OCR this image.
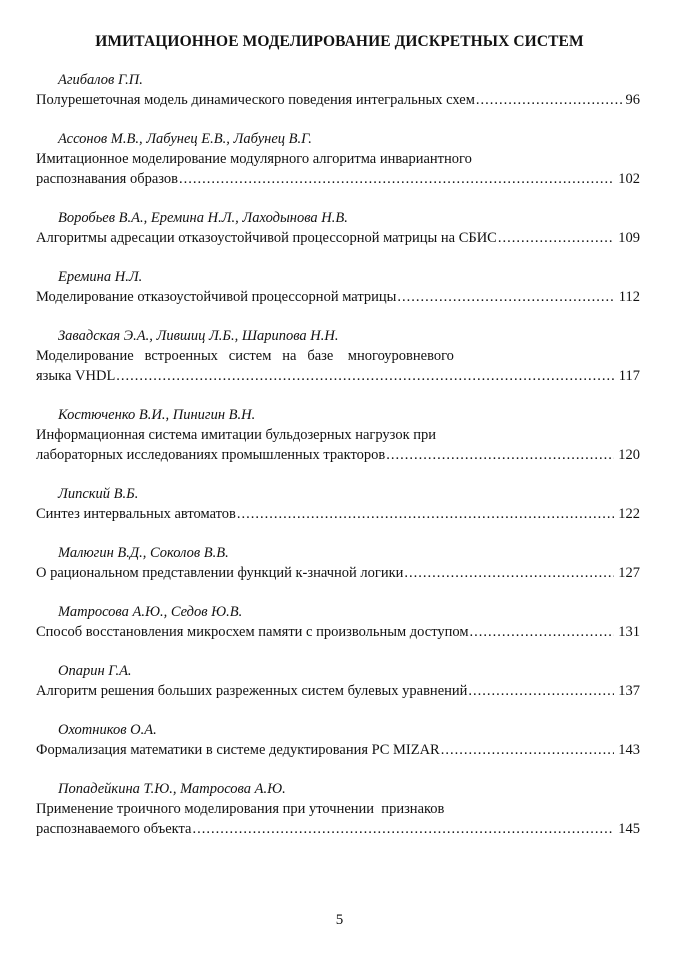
ИМИТАЦИОННОЕ МОДЕЛИРОВАНИЕ ДИСКРЕТНЫХ СИСТЕМ
Агибалов Г.П.
Полурешеточная модель динамического поведения интегральных схем .....	96
Ассонов М.В., Лабунец Е.В., Лабунец В.Г.
Имитационное моделирование модулярного алгоритма инвариантного
распознавания образов .....	102
Воробьев В.А., Еремина Н.Л., Лаходынова Н.В.
Алгоритмы адресации отказоустойчивой процессорной матрицы на СБИС .....	109
Еремина Н.Л.
Моделирование отказоустойчивой процессорной матрицы .....	112
Завадская Э.А., Лившиц Л.Б., Шарипова Н.Н.
Моделирование   встроенных   систем   на   базе    многоуровневого
языка VHDL .....	117
Костюченко В.И., Пинигин В.Н.
Информационная система имитации бульдозерных нагрузок при
лабораторных исследованиях промышленных тракторов .....	120
Липский В.Б.
Синтез интервальных автоматов .....	122
Малюгин В.Д., Соколов В.В.
О рациональном представлении функций к-значной логики .....	127
Матросова А.Ю., Седов Ю.В.
Способ восстановления микросхем памяти с произвольным доступом .....	131
Опарин Г.А.
Алгоритм решения больших разреженных систем булевых уравнений .....	137
Охотников О.А.
Формализация математики в системе дедуктирования PC MIZAR .....	143
Попадейкина Т.Ю., Матросова А.Ю.
Применение троичного моделирования при уточнении  признаков
распознаваемого объекта .....	145
5
